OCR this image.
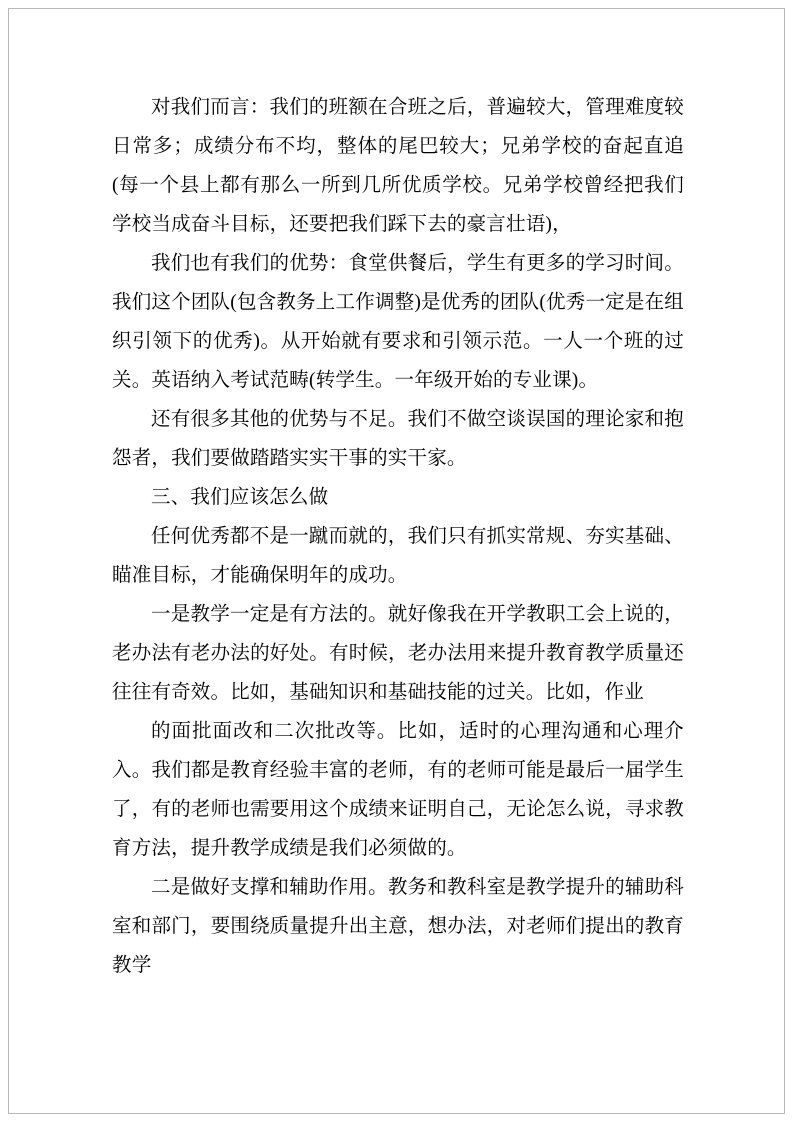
对我们而言：我们的班额在合班之后，普遍较大，管理难度较日常多；成绩分布不均，整体的尾巴较大；兄弟学校的奋起直追(每一个县上都有那么一所到几所优质学校。兄弟学校曾经把我们学校当成奋斗目标，还要把我们踩下去的豪言壮语)，

我们也有我们的优势：食堂供餐后，学生有更多的学习时间。我们这个团队(包含教务上工作调整)是优秀的团队(优秀一定是在组织引领下的优秀)。从开始就有要求和引领示范。一人一个班的过关。英语纳入考试范畴(转学生。一年级开始的专业课)。

还有很多其他的优势与不足。我们不做空谈误国的理论家和抱怨者，我们要做踏踏实实干事的实干家。

三、我们应该怎么做

任何优秀都不是一蹴而就的，我们只有抓实常规、夯实基础、瞄准目标，才能确保明年的成功。

一是教学一定是有方法的。就好像我在开学教职工会上说的，老办法有老办法的好处。有时候，老办法用来提升教育教学质量还往往有奇效。比如，基础知识和基础技能的过关。比如，作业

的面批面改和二次批改等。比如，适时的心理沟通和心理介入。我们都是教育经验丰富的老师，有的老师可能是最后一届学生了，有的老师也需要用这个成绩来证明自己，无论怎么说，寻求教育方法，提升教学成绩是我们必须做的。

二是做好支撑和辅助作用。教务和教科室是教学提升的辅助科室和部门，要围绕质量提升出主意，想办法，对老师们提出的教育教学
